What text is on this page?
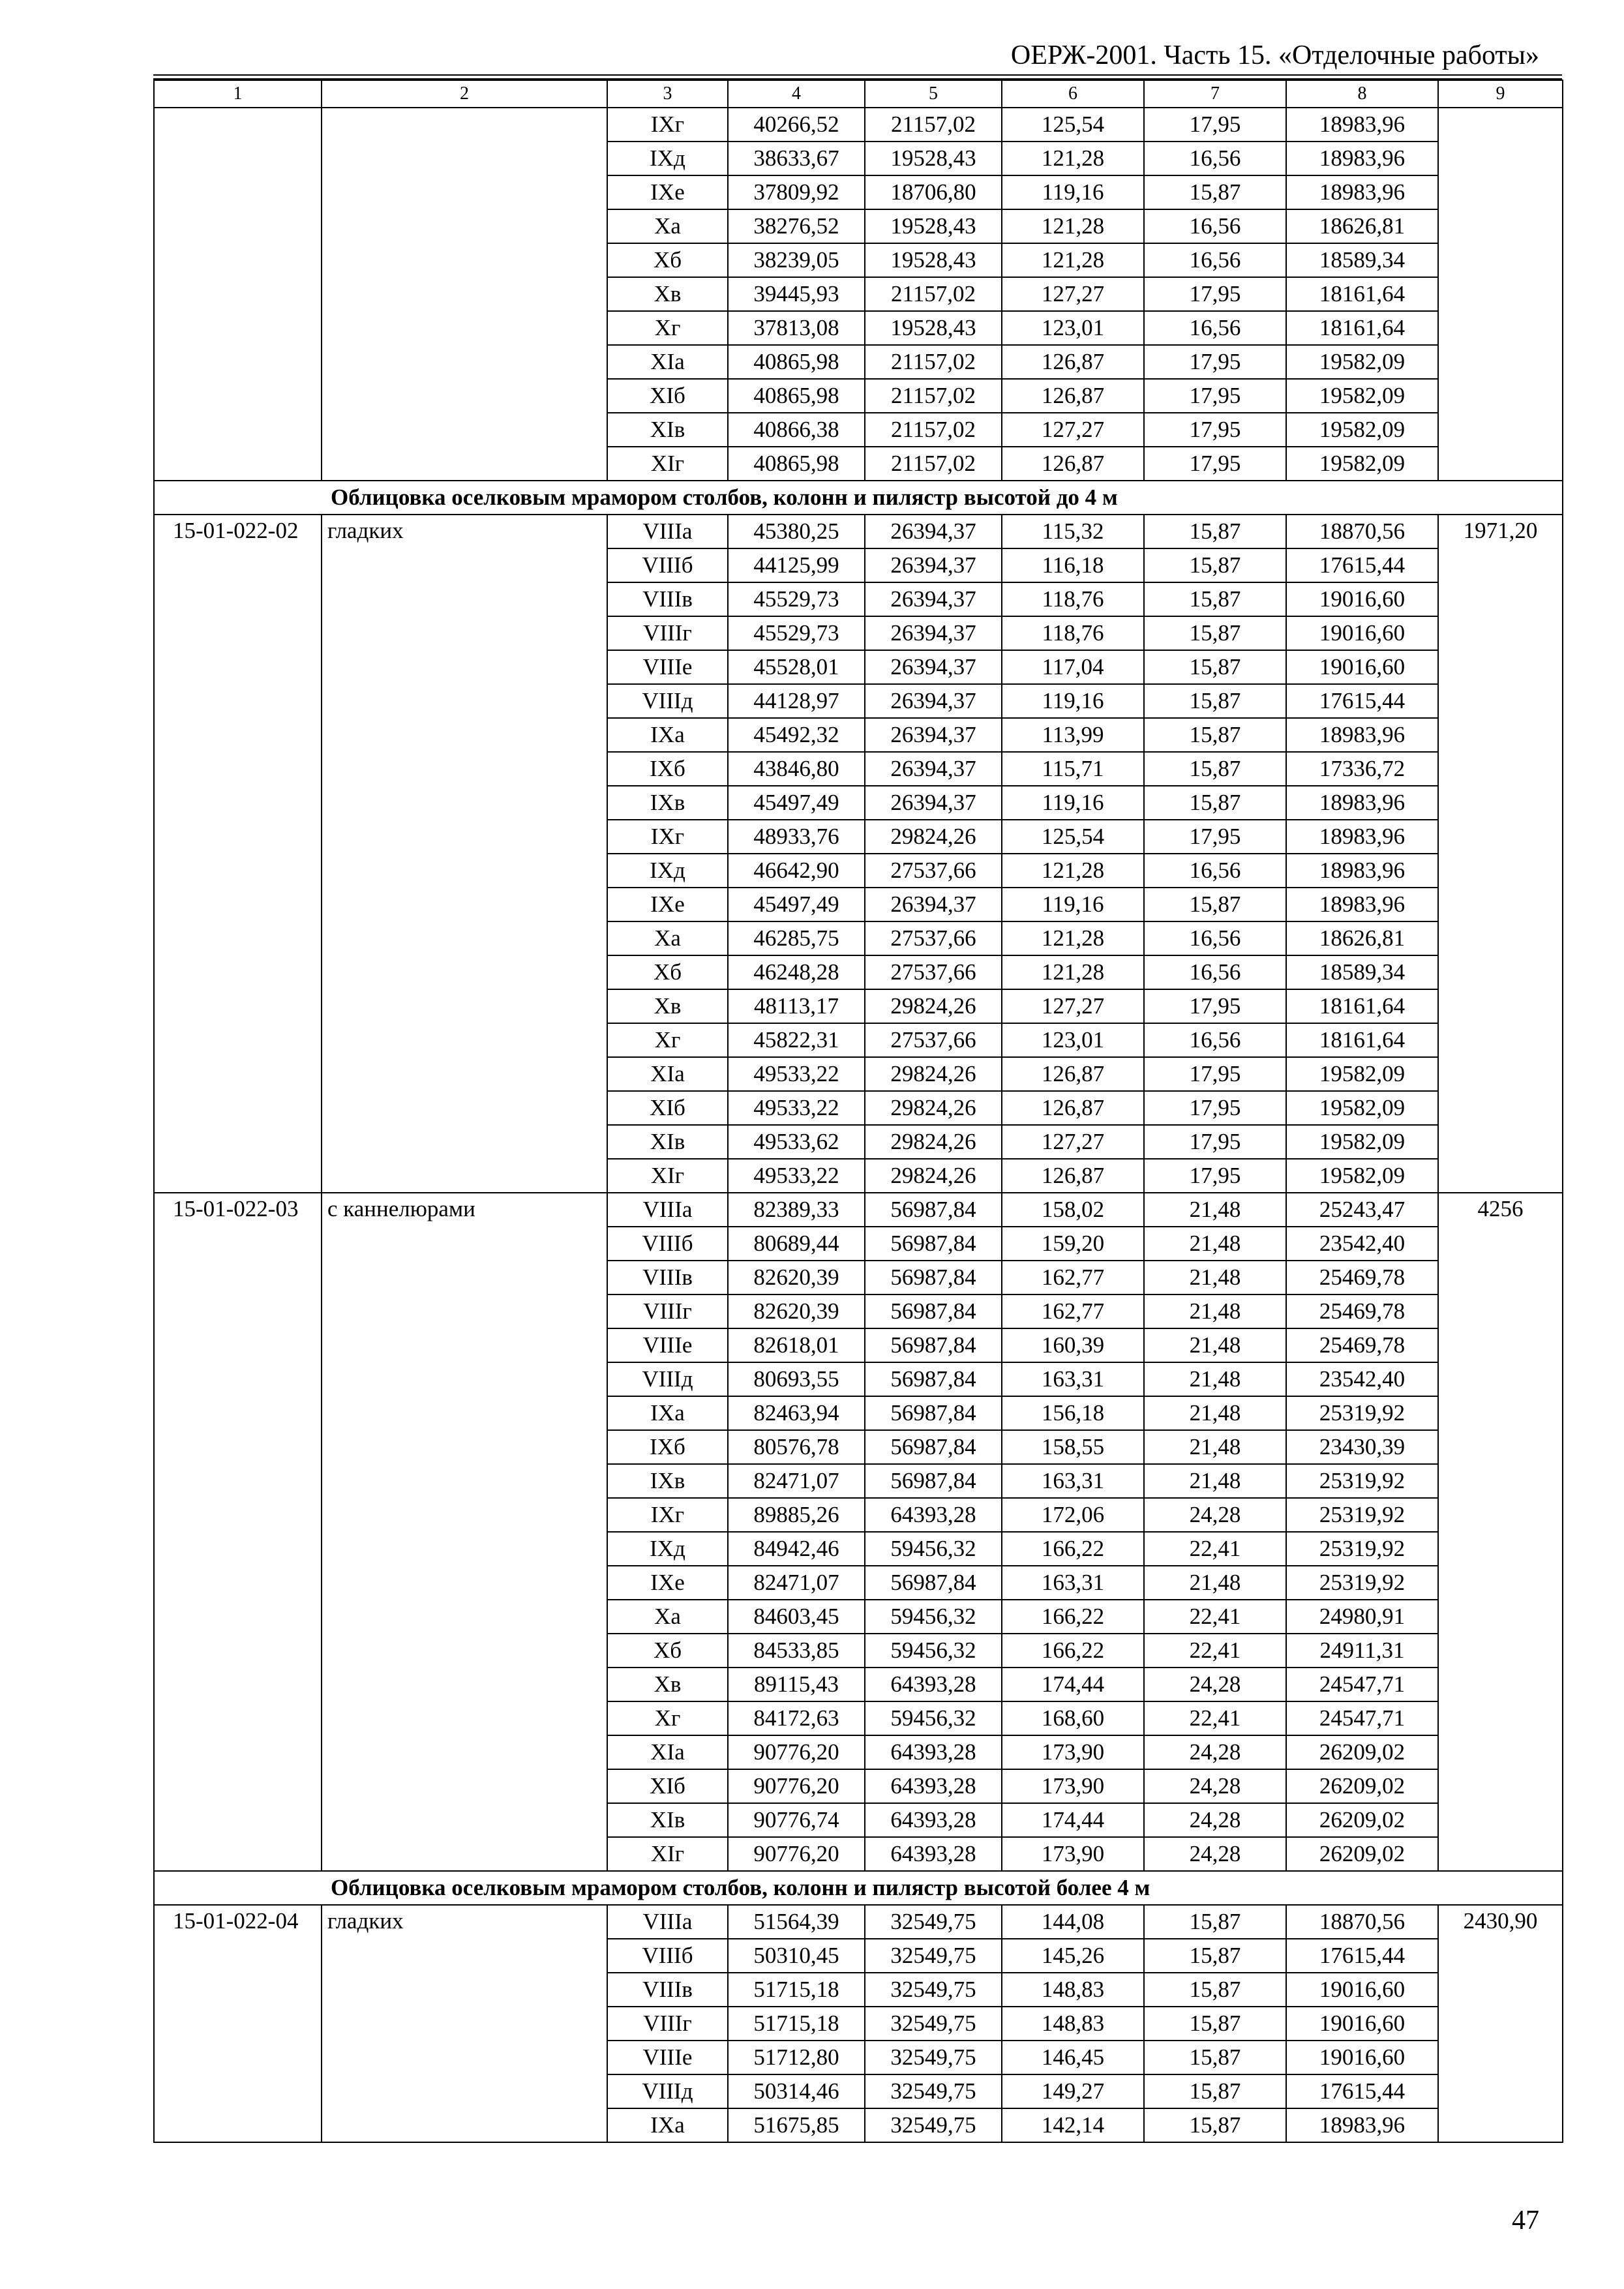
ОЕРЖ-2001. Часть 15. «Отделочные работы»
1	2	3	4	5	6	7	8	9
		IXг	40266,52	21157,02	125,54	17,95	18983,96	
		IXд	38633,67	19528,43	121,28	16,56	18983,96	
		IXе	37809,92	18706,80	119,16	15,87	18983,96	
		Xа	38276,52	19528,43	121,28	16,56	18626,81	
		Xб	38239,05	19528,43	121,28	16,56	18589,34	
		Xв	39445,93	21157,02	127,27	17,95	18161,64	
		Xг	37813,08	19528,43	123,01	16,56	18161,64	
		XIа	40865,98	21157,02	126,87	17,95	19582,09	
		XIб	40865,98	21157,02	126,87	17,95	19582,09	
		XIв	40866,38	21157,02	127,27	17,95	19582,09	
		XIг	40865,98	21157,02	126,87	17,95	19582,09	
Облицовка оселковым мрамором столбов, колонн и пилястр высотой до 4 м								
15-01-022-02	гладких	VIIIа	45380,25	26394,37	115,32	15,87	18870,56	1971,20
		VIIIб	44125,99	26394,37	116,18	15,87	17615,44	
		VIIIв	45529,73	26394,37	118,76	15,87	19016,60	
		VIIIг	45529,73	26394,37	118,76	15,87	19016,60	
		VIIIе	45528,01	26394,37	117,04	15,87	19016,60	
		VIIIд	44128,97	26394,37	119,16	15,87	17615,44	
		IXа	45492,32	26394,37	113,99	15,87	18983,96	
		IXб	43846,80	26394,37	115,71	15,87	17336,72	
		IXв	45497,49	26394,37	119,16	15,87	18983,96	
		IXг	48933,76	29824,26	125,54	17,95	18983,96	
		IXд	46642,90	27537,66	121,28	16,56	18983,96	
		IXе	45497,49	26394,37	119,16	15,87	18983,96	
		Xа	46285,75	27537,66	121,28	16,56	18626,81	
		Xб	46248,28	27537,66	121,28	16,56	18589,34	
		Xв	48113,17	29824,26	127,27	17,95	18161,64	
		Xг	45822,31	27537,66	123,01	16,56	18161,64	
		XIа	49533,22	29824,26	126,87	17,95	19582,09	
		XIб	49533,22	29824,26	126,87	17,95	19582,09	
		XIв	49533,62	29824,26	127,27	17,95	19582,09	
		XIг	49533,22	29824,26	126,87	17,95	19582,09	
15-01-022-03	с каннелюрами	VIIIа	82389,33	56987,84	158,02	21,48	25243,47	4256
		VIIIб	80689,44	56987,84	159,20	21,48	23542,40	
		VIIIв	82620,39	56987,84	162,77	21,48	25469,78	
		VIIIг	82620,39	56987,84	162,77	21,48	25469,78	
		VIIIе	82618,01	56987,84	160,39	21,48	25469,78	
		VIIIд	80693,55	56987,84	163,31	21,48	23542,40	
		IXа	82463,94	56987,84	156,18	21,48	25319,92	
		IXб	80576,78	56987,84	158,55	21,48	23430,39	
		IXв	82471,07	56987,84	163,31	21,48	25319,92	
		IXг	89885,26	64393,28	172,06	24,28	25319,92	
		IXд	84942,46	59456,32	166,22	22,41	25319,92	
		IXе	82471,07	56987,84	163,31	21,48	25319,92	
		Xа	84603,45	59456,32	166,22	22,41	24980,91	
		Xб	84533,85	59456,32	166,22	22,41	24911,31	
		Xв	89115,43	64393,28	174,44	24,28	24547,71	
		Xг	84172,63	59456,32	168,60	22,41	24547,71	
		XIа	90776,20	64393,28	173,90	24,28	26209,02	
		XIб	90776,20	64393,28	173,90	24,28	26209,02	
		XIв	90776,74	64393,28	174,44	24,28	26209,02	
		XIг	90776,20	64393,28	173,90	24,28	26209,02	
Облицовка оселковым мрамором столбов, колонн и пилястр высотой более 4 м								
15-01-022-04	гладких	VIIIа	51564,39	32549,75	144,08	15,87	18870,56	2430,90
		VIIIб	50310,45	32549,75	145,26	15,87	17615,44	
		VIIIв	51715,18	32549,75	148,83	15,87	19016,60	
		VIIIг	51715,18	32549,75	148,83	15,87	19016,60	
		VIIIе	51712,80	32549,75	146,45	15,87	19016,60	
		VIIIд	50314,46	32549,75	149,27	15,87	17615,44	
		IXа	51675,85	32549,75	142,14	15,87	18983,96	
47
